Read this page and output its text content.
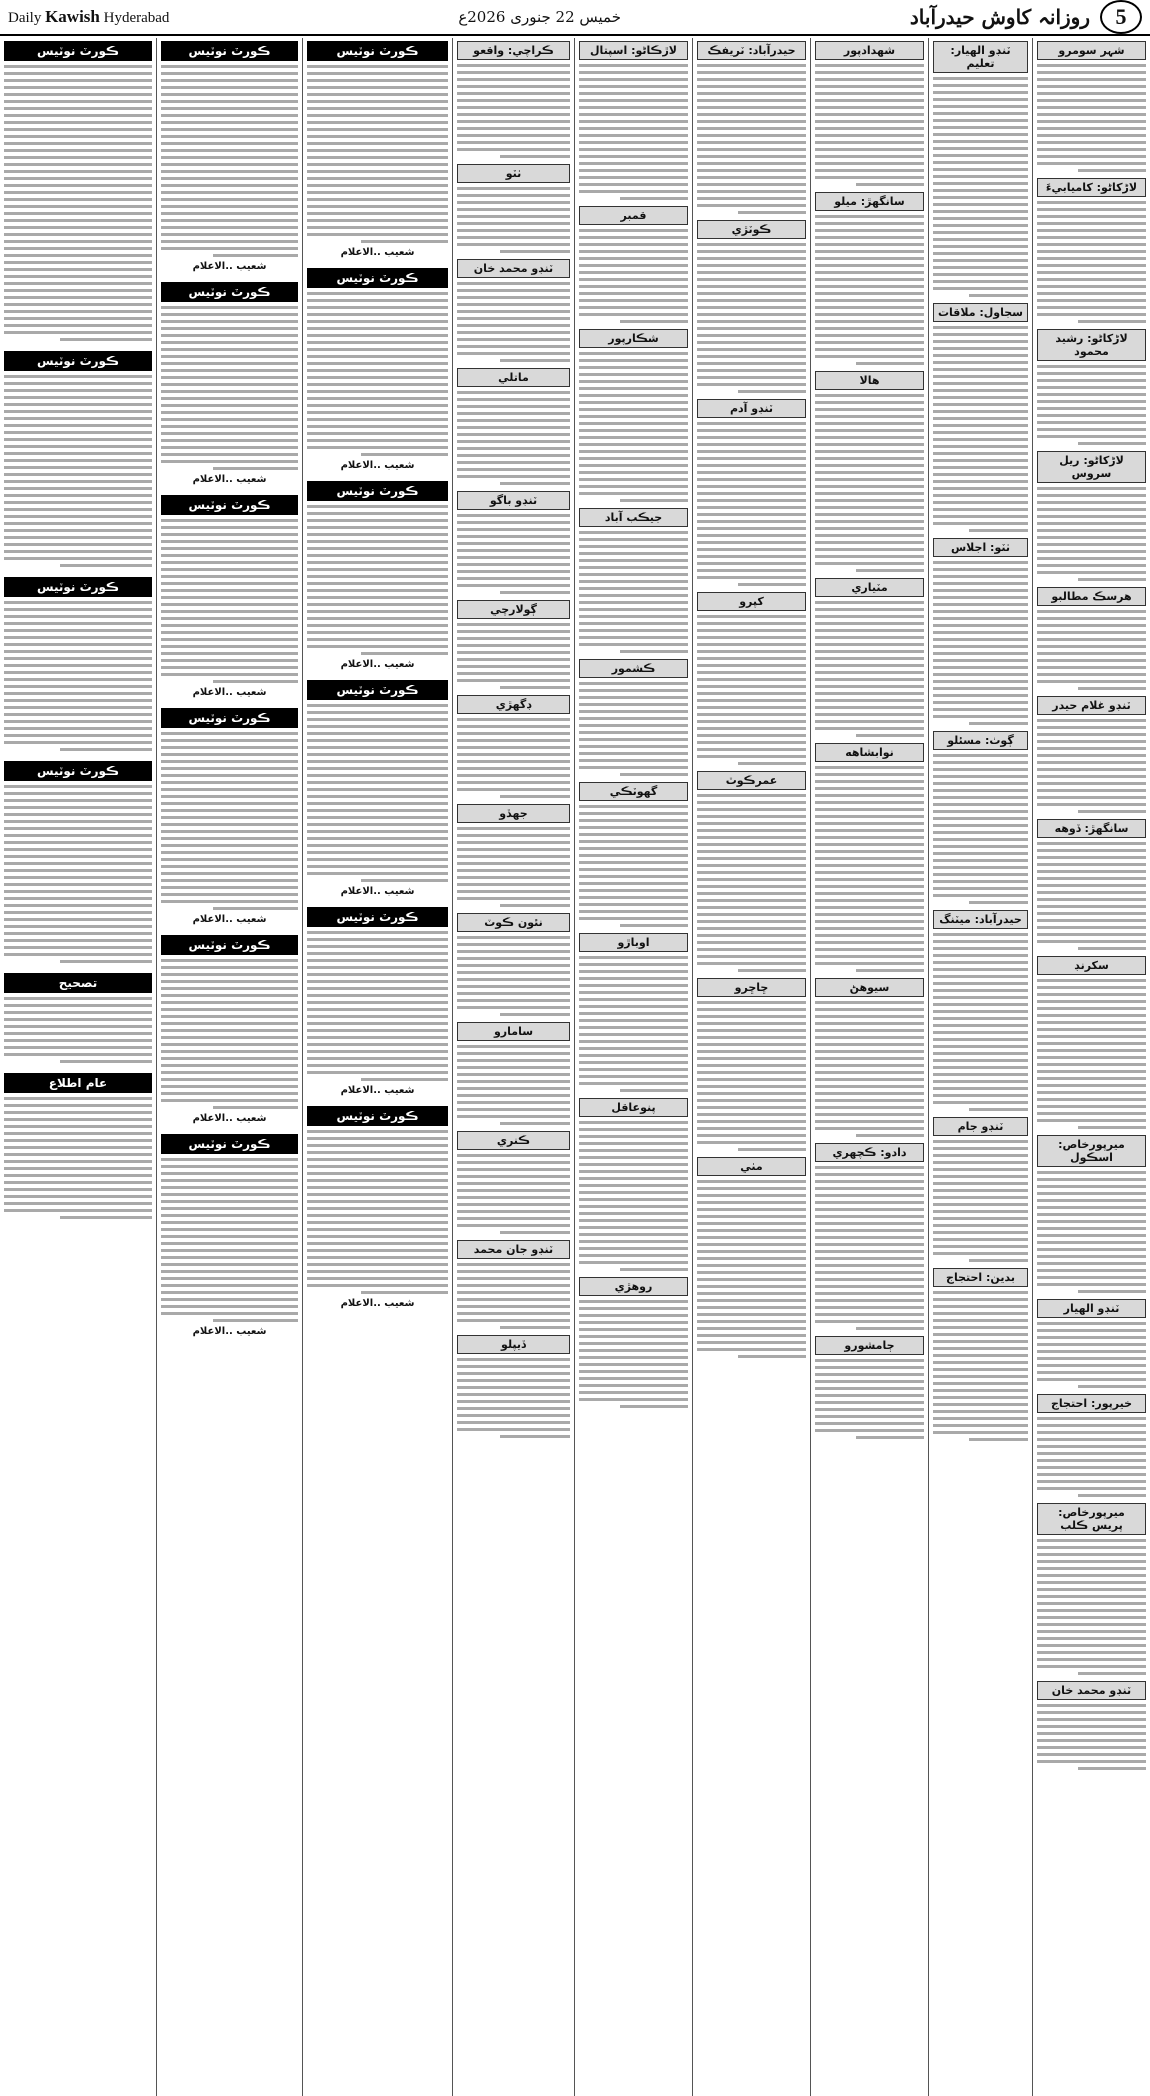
Daily Kawish Hyderabad	خمیس 22 جنوری 2026ع	5
روزانہ کاوش حیدرآباد
شہر سومرو
لاڑکاڻو: کامیابيءَ
لاڑکاڻو: رشيد محمود
لاڑکاڻو: ريل سروس
هرسڪ مطالبو
ٽنڊو غلام حيدر
سانگهڙ: ڏوهه
سکرنڊ
ميرپورخاص: اسڪول
ٽنڊو الهيار
خيرپور: احتجاج
ميرپورخاص: پريس ڪلب
ٽنڊو محمد خان
ٽنڊو الهيار: تعليم
سجاول: ملاقات
ٺٽو: اجلاس
ڳوٺ: مسئلو
حيدرآباد: ميٽنگ
ٽنڊو جام
بدين: احتجاج
شهدادپور
سانگهڙ: ميلو
هالا
مٽياري
نوابشاهه
سيوهڻ
دادو: ڪچهري
ڄامشورو
حيدرآباد: ٽريفڪ
ڪوٽڙي
ٽنڊو آدم
کپرو
عمرڪوٽ
ڇاڇرو
مٺي
لاڙڪاڻو: اسپتال
قمبر
شڪارپور
جيڪب آباد
ڪشمور
گهوٽڪي
اوباڙو
پنوعاقل
روهڙي
ڪراچي: واقعو
ٺٽو
ٽنڊو محمد خان
ماتلي
ٽنڊو باگو
ڳولارچي
ڊگهڙي
جهڏو
نئون ڪوٽ
سامارو
ڪنري
ٽنڊو جان محمد
ڏيپلو
ڪورٽ نوٽيس
شعيب ..الاعلام
ڪورٽ نوٽيس
شعيب ..الاعلام
ڪورٽ نوٽيس
شعيب ..الاعلام
ڪورٽ نوٽيس
شعيب ..الاعلام
ڪورٽ نوٽيس
شعيب ..الاعلام
ڪورٽ نوٽيس
شعيب ..الاعلام
ڪورٽ نوٽيس
شعيب ..الاعلام
ڪورٽ نوٽيس
شعيب ..الاعلام
ڪورٽ نوٽيس
شعيب ..الاعلام
ڪورٽ نوٽيس
شعيب ..الاعلام
ڪورٽ نوٽيس
شعيب ..الاعلام
ڪورٽ نوٽيس
شعيب ..الاعلام
ڪورٽ نوٽيس
ڪورٽ نوٽيس
ڪورٽ نوٽيس
ڪورٽ نوٽيس
تصحيح
عام اطلاع
